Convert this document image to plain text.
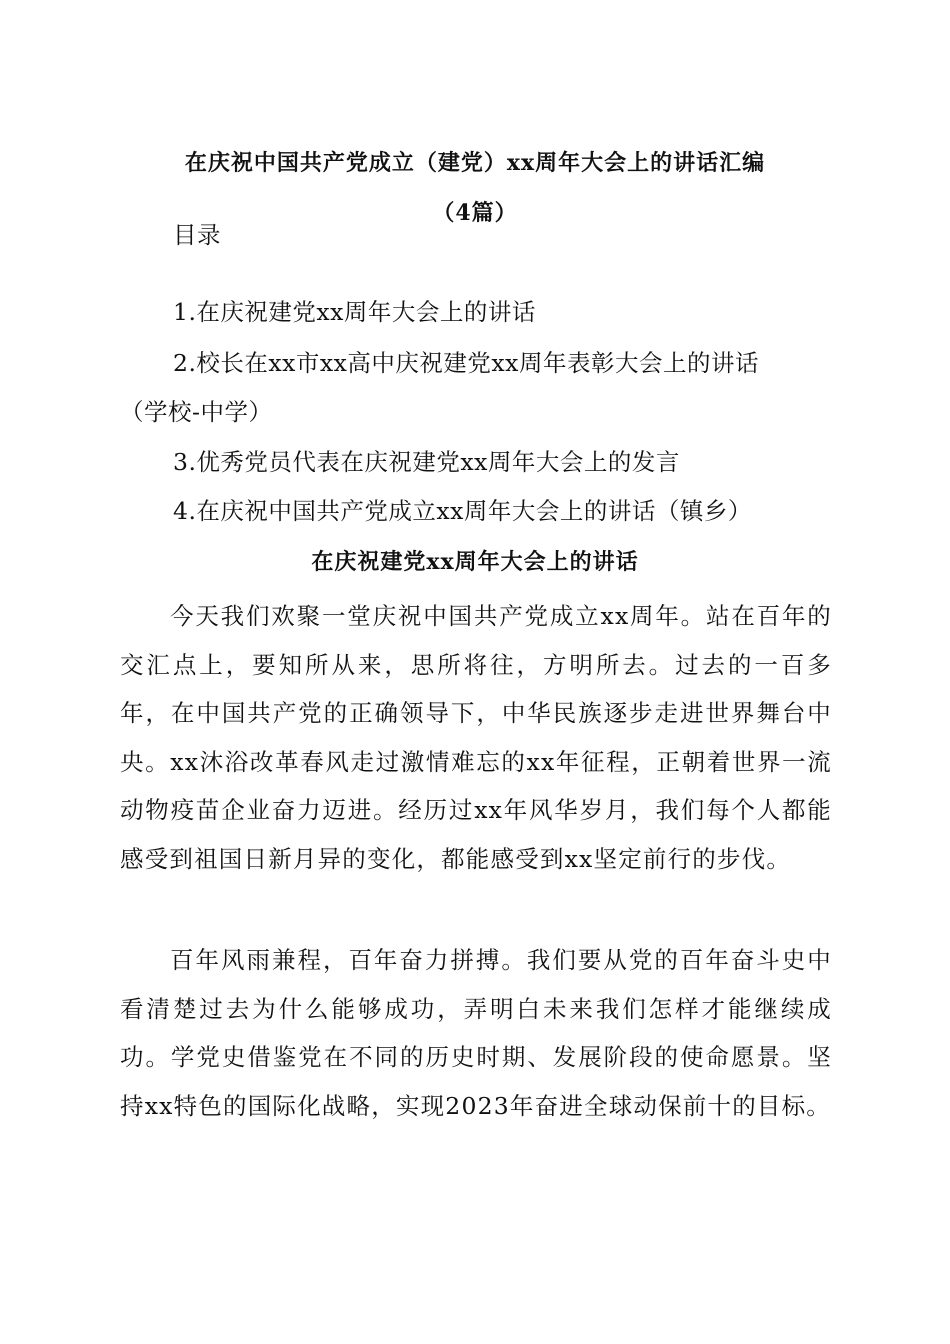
在庆祝中国共产党成立（建党）xx周年大会上的讲话汇编
（4篇）
目录
1.在庆祝建党xx周年大会上的讲话
2.校长在xx市xx高中庆祝建党xx周年表彰大会上的讲话
（学校-中学）
3.优秀党员代表在庆祝建党xx周年大会上的发言
4.在庆祝中国共产党成立xx周年大会上的讲话（镇乡）
在庆祝建党xx周年大会上的讲话
今天我们欢聚一堂庆祝中国共产党成立xx周年。站在百年的交汇点上，要知所从来，思所将往，方明所去。过去的一百多年，在中国共产党的正确领导下，中华民族逐步走进世界舞台中央。xx沐浴改革春风走过激情难忘的xx年征程，正朝着世界一流动物疫苗企业奋力迈进。经历过xx年风华岁月，我们每个人都能感受到祖国日新月异的变化，都能感受到xx坚定前行的步伐。
百年风雨兼程，百年奋力拼搏。我们要从党的百年奋斗史中看清楚过去为什么能够成功，弄明白未来我们怎样才能继续成功。学党史借鉴党在不同的历史时期、发展阶段的使命愿景。坚持xx特色的国际化战略，实现2023年奋进全球动保前十的目标。
